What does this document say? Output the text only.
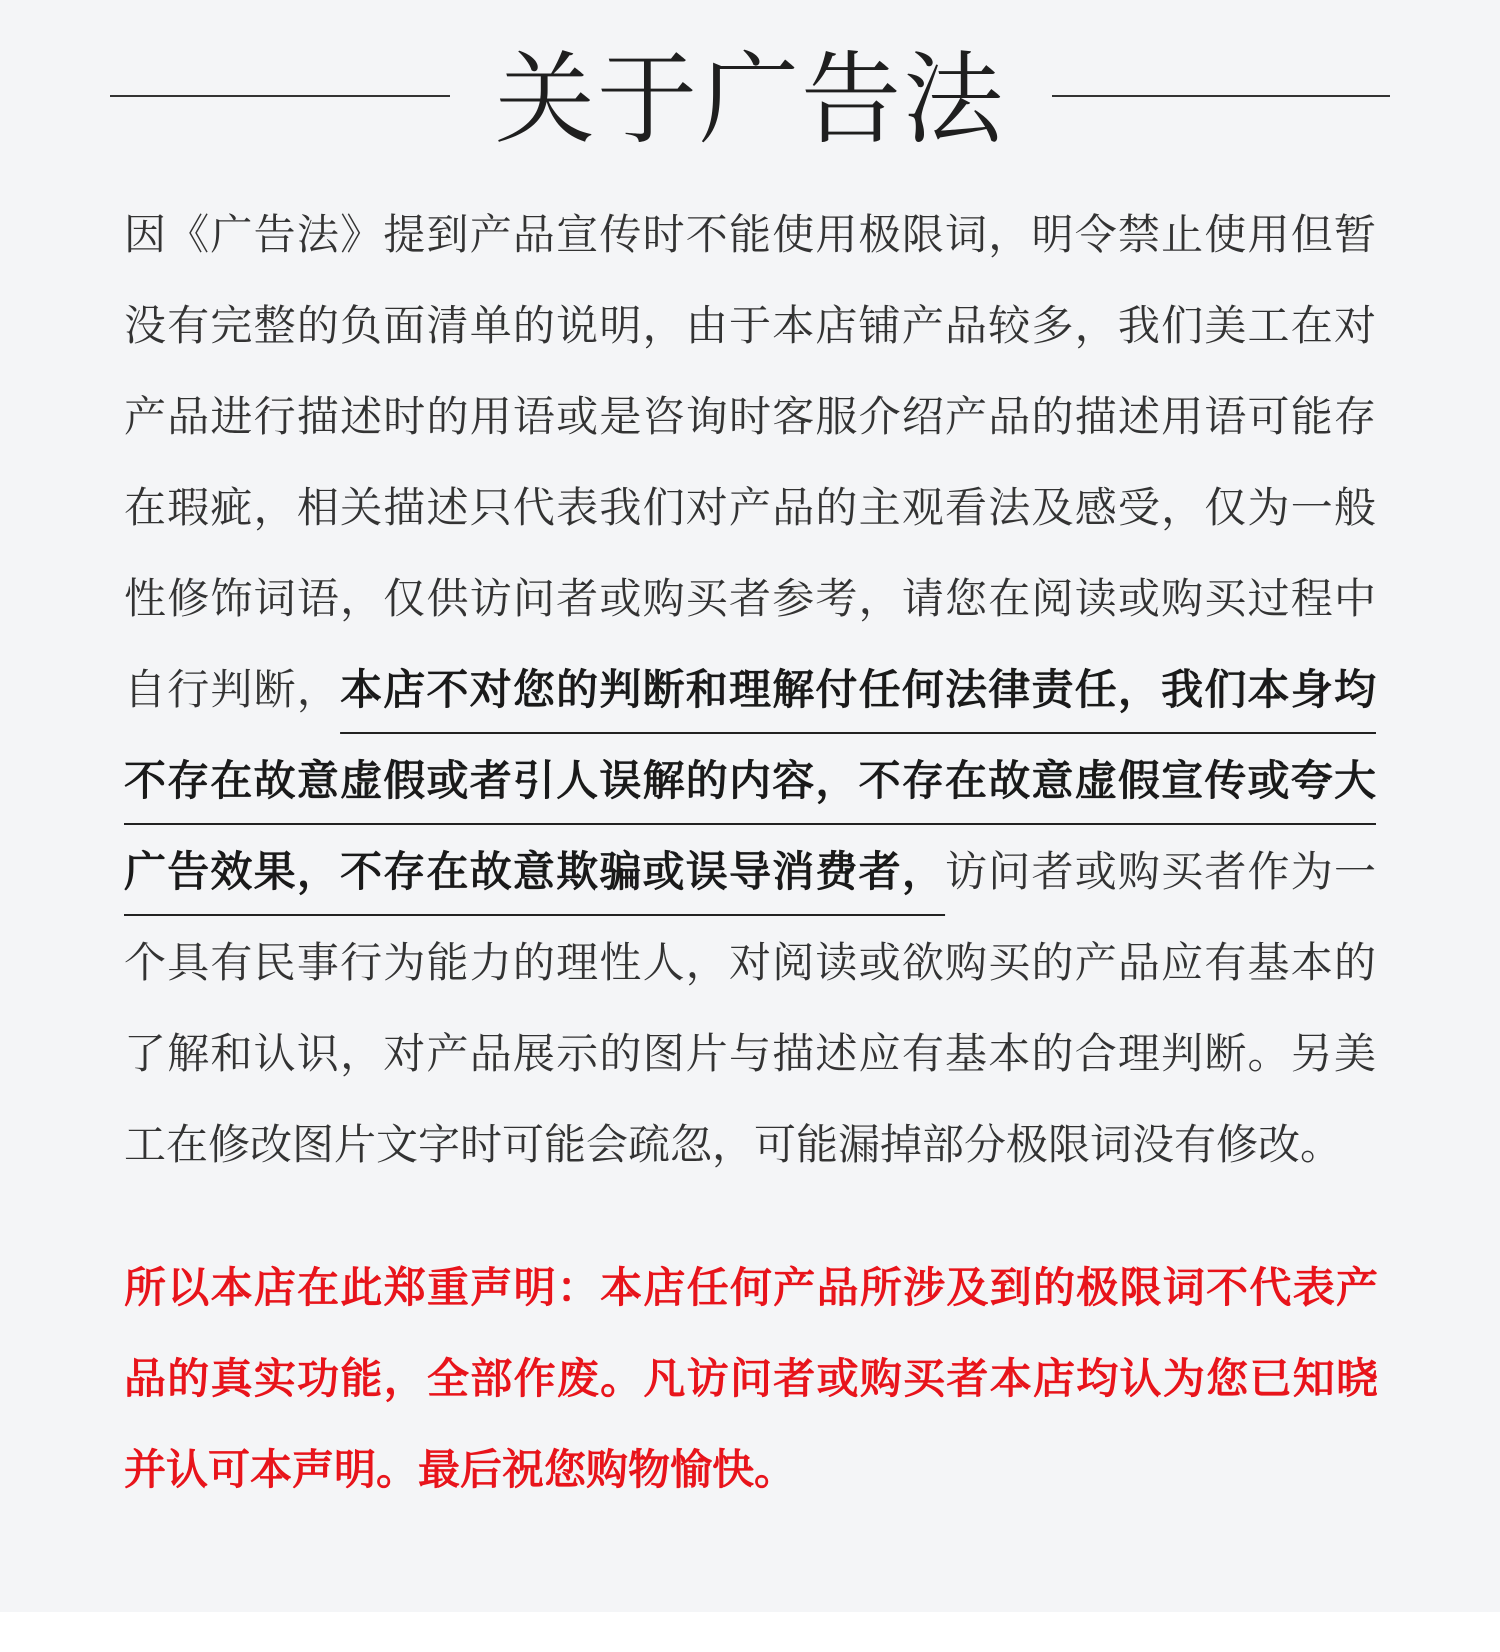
关于广告法

因《广告法》提到产品宣传时不能使用极限词，明令禁止使用但暂没有完整的负面清单的说明，由于本店铺产品较多，我们美工在对产品进行描述时的用语或是咨询时客服介绍产品的描述用语可能存在瑕疵，相关描述只代表我们对产品的主观看法及感受，仅为一般性修饰词语，仅供访问者或购买者参考，请您在阅读或购买过程中自行判断，本店不对您的判断和理解付任何法律责任，我们本身均不存在故意虚假或者引人误解的内容，不存在故意虚假宣传或夸大广告效果，不存在故意欺骗或误导消费者，访问者或购买者作为一个具有民事行为能力的理性人，对阅读或欲购买的产品应有基本的了解和认识，对产品展示的图片与描述应有基本的合理判断。另美工在修改图片文字时可能会疏忽，可能漏掉部分极限词没有修改。

所以本店在此郑重声明：本店任何产品所涉及到的极限词不代表产品的真实功能，全部作废。凡访问者或购买者本店均认为您已知晓并认可本声明。最后祝您购物愉快。
